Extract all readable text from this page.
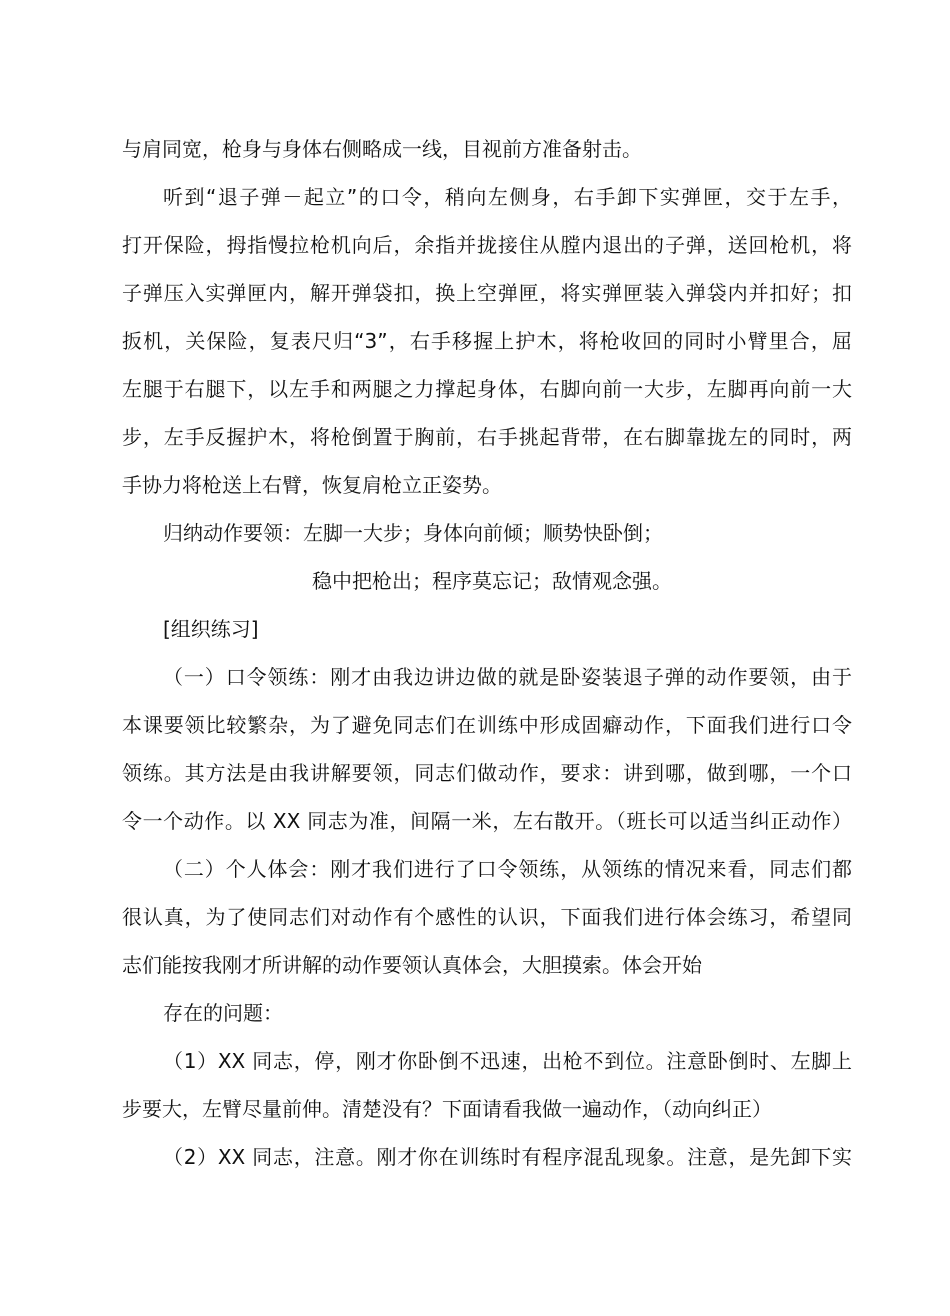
与肩同宽，枪身与身体右侧略成一线，目视前方准备射击。
听到“退子弹－起立”的口令，稍向左侧身，右手卸下实弹匣，交于左手，
打开保险，拇指慢拉枪机向后，余指并拢接住从膛内退出的子弹，送回枪机，将
子弹压入实弹匣内，解开弹袋扣，换上空弹匣，将实弹匣装入弹袋内并扣好；扣
扳机，关保险，复表尺归“3”，右手移握上护木，将枪收回的同时小臂里合，屈
左腿于右腿下，以左手和两腿之力撑起身体，右脚向前一大步，左脚再向前一大
步，左手反握护木，将枪倒置于胸前，右手挑起背带，在右脚靠拢左的同时，两
手协力将枪送上右臂，恢复肩枪立正姿势。
归纳动作要领：左脚一大步；身体向前倾；顺势快卧倒；
稳中把枪出；程序莫忘记；敌情观念强。
[组织练习]
（一）口令领练：刚才由我边讲边做的就是卧姿装退子弹的动作要领，由于
本课要领比较繁杂，为了避免同志们在训练中形成固癖动作，下面我们进行口令
领练。其方法是由我讲解要领，同志们做动作，要求：讲到哪，做到哪，一个口
令一个动作。以 XX 同志为准，间隔一米，左右散开。（班长可以适当纠正动作）
（二）个人体会：刚才我们进行了口令领练，从领练的情况来看，同志们都
很认真，为了使同志们对动作有个感性的认识，下面我们进行体会练习，希望同
志们能按我刚才所讲解的动作要领认真体会，大胆摸索。体会开始
存在的问题：
（1）XX 同志，停，刚才你卧倒不迅速，出枪不到位。注意卧倒时、左脚上
步要大，左臂尽量前伸。清楚没有？下面请看我做一遍动作，（动向纠正）
（2）XX 同志，注意。刚才你在训练时有程序混乱现象。注意，是先卸下实
